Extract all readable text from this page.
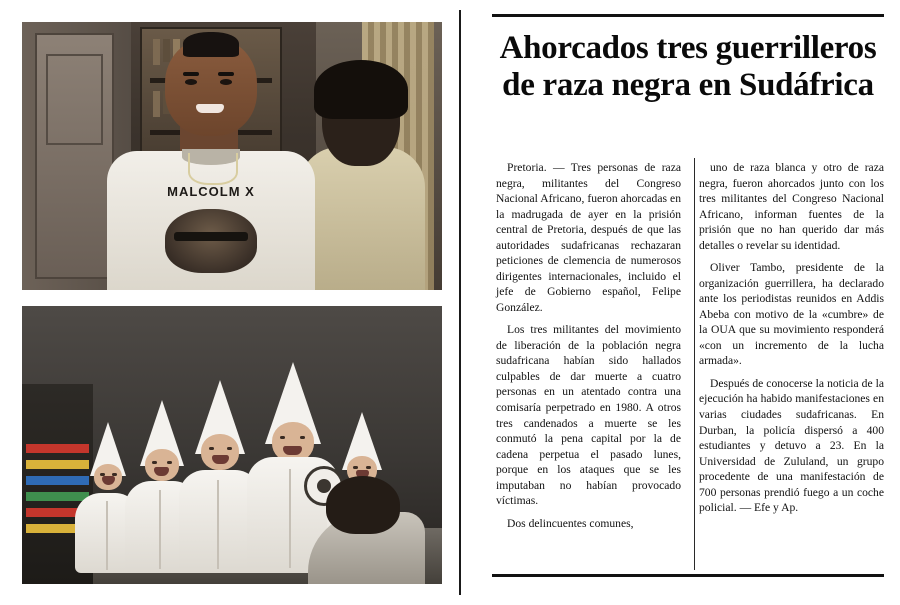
MALCOLM X
Ahorcados tres guerrilleros de raza negra en Sudáfrica

Pretoria. — Tres personas de raza negra, militantes del Congreso Nacional Africano, fueron ahorcadas en la madrugada de ayer en la prisión central de Pretoria, después de que las autoridades sudafricanas rechazaran peticiones de clemencia de numerosos dirigentes internacionales, incluido el jefe de Gobierno español, Felipe González.

Los tres militantes del movimiento de liberación de la población negra sudafricana habían sido hallados culpables de dar muerte a cuatro personas en un atentado contra una comisaría perpetrado en 1980. A otros tres candenados a muerte se les conmutó la pena capital por la de cadena perpetua el pasado lunes, porque en los ataques que se les imputaban no habían provocado víctimas.

Dos delincuentes comunes,

uno de raza blanca y otro de raza negra, fueron ahorcados junto con los tres militantes del Congreso Nacional Africano, informan fuentes de la prisión que no han querido dar más detalles o revelar su identidad.

Oliver Tambo, presidente de la organización guerrillera, ha declarado ante los periodistas reunidos en Addis Abeba con motivo de la «cumbre» de la OUA que su movimiento responderá «con un incremento de la lucha armada».

Después de conocerse la noticia de la ejecución ha habido manifestaciones en varias ciudades sudafricanas. En Durban, la policía dispersó a 400 estudiantes y detuvo a 23. En la Universidad de Zululand, un grupo procedente de una manifestación de 700 personas prendió fuego a un coche policial. — Efe y Ap.
